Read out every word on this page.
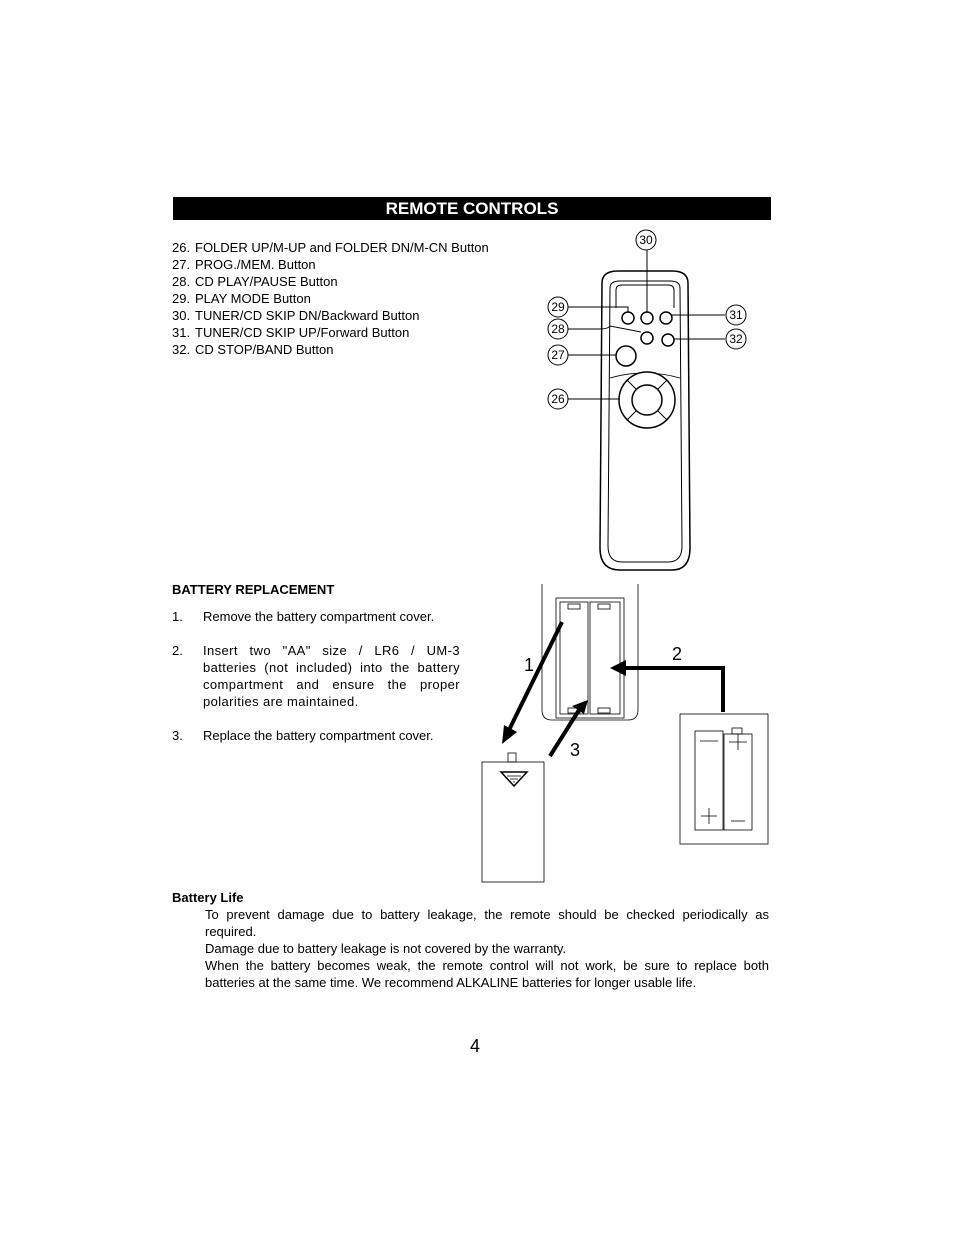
REMOTE CONTROLS
26. FOLDER UP/M-UP and FOLDER DN/M-CN Button
27. PROG./MEM. Button
28. CD PLAY/PAUSE Button
29. PLAY MODE Button
30. TUNER/CD SKIP DN/Backward Button
31. TUNER/CD SKIP UP/Forward Button
32. CD STOP/BAND Button
30
29
28
27
26
31
32
BATTERY REPLACEMENT
1.	Remove the battery compartment cover.
2.	Insert two "AA" size / LR6 / UM-3 batteries (not included) into the battery compartment and ensure the proper polarities are maintained.
3.	Replace the battery compartment cover.
1
2
3
Battery Life

To prevent damage due to battery leakage, the remote should be checked periodically as required.

Damage due to battery leakage is not covered by the warranty.

When the battery becomes weak, the remote control will not work, be sure to replace both batteries at the same time. We recommend ALKALINE batteries for longer usable life.

4
